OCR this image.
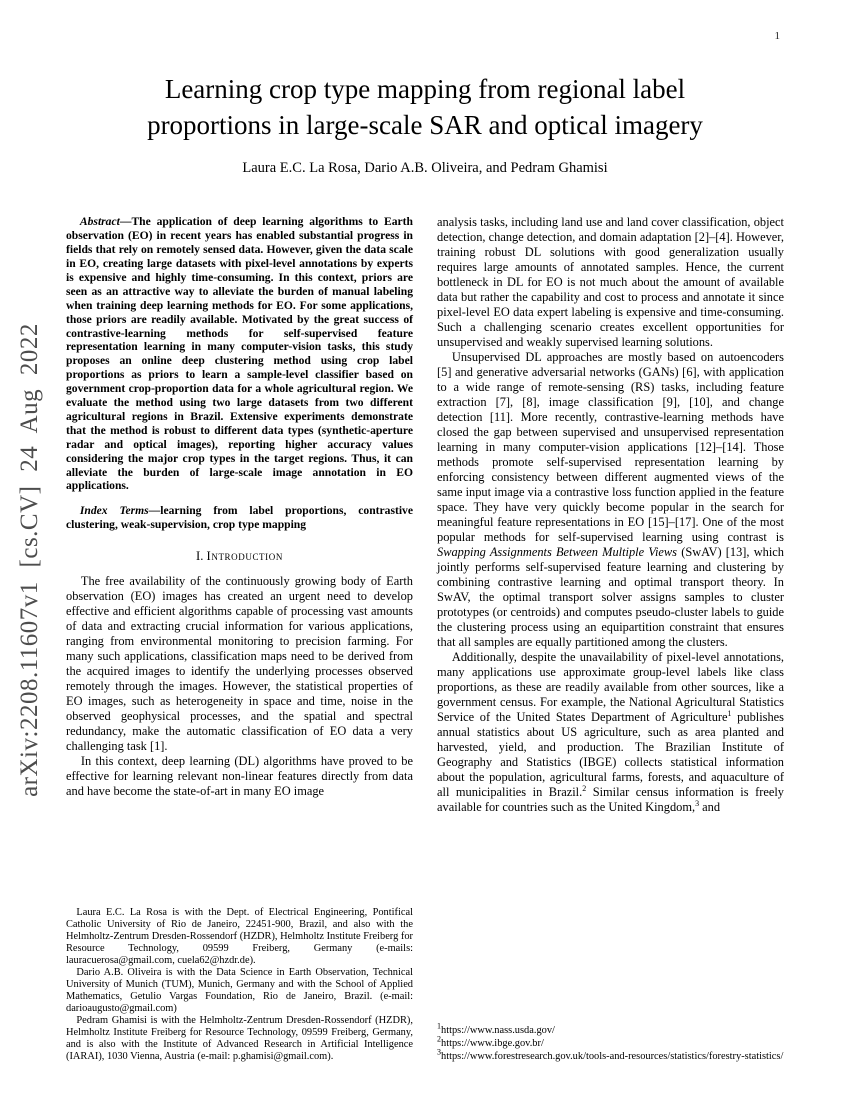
1
arXiv:2208.11607v1 [cs.CV] 24 Aug 2022
Learning crop type mapping from regional label
proportions in large-scale SAR and optical imagery
Laura E.C. La Rosa, Dario A.B. Oliveira, and Pedram Ghamisi

Abstract—The application of deep learning algorithms to Earth observation (EO) in recent years has enabled substantial progress in fields that rely on remotely sensed data. However, given the data scale in EO, creating large datasets with pixel-level annotations by experts is expensive and highly time-consuming. In this context, priors are seen as an attractive way to alleviate the burden of manual labeling when training deep learning methods for EO. For some applications, those priors are readily available. Motivated by the great success of contrastive-learning methods for self-supervised feature representation learning in many computer-vision tasks, this study proposes an online deep clustering method using crop label proportions as priors to learn a sample-level classifier based on government crop-proportion data for a whole agricultural region. We evaluate the method using two large datasets from two different agricultural regions in Brazil. Extensive experiments demonstrate that the method is robust to different data types (synthetic-aperture radar and optical images), reporting higher accuracy values considering the major crop types in the target regions. Thus, it can alleviate the burden of large-scale image annotation in EO applications.

Index Terms—learning from label proportions, contrastive clustering, weak-supervision, crop type mapping

I. Introduction

The free availability of the continuously growing body of Earth observation (EO) images has created an urgent need to develop effective and efficient algorithms capable of processing vast amounts of data and extracting crucial information for various applications, ranging from environmental monitoring to precision farming. For many such applications, classification maps need to be derived from the acquired images to identify the underlying processes observed remotely through the images. However, the statistical properties of EO images, such as heterogeneity in space and time, noise in the observed geophysical processes, and the spatial and spectral redundancy, make the automatic classification of EO data a very challenging task [1].

In this context, deep learning (DL) algorithms have proved to be effective for learning relevant non-linear features directly from data and have become the state-of-art in many EO image

Laura E.C. La Rosa is with the Dept. of Electrical Engineering, Pontifical Catholic University of Rio de Janeiro, 22451-900, Brazil, and also with the Helmholtz-Zentrum Dresden-Rossendorf (HZDR), Helmholtz Institute Freiberg for Resource Technology, 09599 Freiberg, Germany (e-mails: lauracuerosa@gmail.com, cuela62@hzdr.de).

Dario A.B. Oliveira is with the Data Science in Earth Observation, Technical University of Munich (TUM), Munich, Germany and with the School of Applied Mathematics, Getulio Vargas Foundation, Rio de Janeiro, Brazil. (e-mail: darioaugusto@gmail.com)

Pedram Ghamisi is with the Helmholtz-Zentrum Dresden-Rossendorf (HZDR), Helmholtz Institute Freiberg for Resource Technology, 09599 Freiberg, Germany, and is also with the Institute of Advanced Research in Artificial Intelligence (IARAI), 1030 Vienna, Austria (e-mail: p.ghamisi@gmail.com).

analysis tasks, including land use and land cover classification, object detection, change detection, and domain adaptation [2]–[4]. However, training robust DL solutions with good generalization usually requires large amounts of annotated samples. Hence, the current bottleneck in DL for EO is not much about the amount of available data but rather the capability and cost to process and annotate it since pixel-level EO data expert labeling is expensive and time-consuming. Such a challenging scenario creates excellent opportunities for unsupervised and weakly supervised learning solutions.

Unsupervised DL approaches are mostly based on autoencoders [5] and generative adversarial networks (GANs) [6], with application to a wide range of remote-sensing (RS) tasks, including feature extraction [7], [8], image classification [9], [10], and change detection [11]. More recently, contrastive-learning methods have closed the gap between supervised and unsupervised representation learning in many computer-vision applications [12]–[14]. Those methods promote self-supervised representation learning by enforcing consistency between different augmented views of the same input image via a contrastive loss function applied in the feature space. They have very quickly become popular in the search for meaningful feature representations in EO [15]–[17]. One of the most popular methods for self-supervised learning using contrast is Swapping Assignments Between Multiple Views (SwAV) [13], which jointly performs self-supervised feature learning and clustering by combining contrastive learning and optimal transport theory. In SwAV, the optimal transport solver assigns samples to cluster prototypes (or centroids) and computes pseudo-cluster labels to guide the clustering process using an equipartition constraint that ensures that all samples are equally partitioned among the clusters.

Additionally, despite the unavailability of pixel-level annotations, many applications use approximate group-level labels like class proportions, as these are readily available from other sources, like a government census. For example, the National Agricultural Statistics Service of the United States Department of Agriculture$^1$ publishes annual statistics about US agriculture, such as area planted and harvested, yield, and production. The Brazilian Institute of Geography and Statistics (IBGE) collects statistical information about the population, agricultural farms, forests, and aquaculture of all municipalities in Brazil.$^2$ Similar census information is freely available for countries such as the United Kingdom,$^3$ and

$^1$https://www.nass.usda.gov/
$^2$https://www.ibge.gov.br/
$^3$https://www.forestresearch.gov.uk/tools-and-resources/statistics/forestry-statistics/
